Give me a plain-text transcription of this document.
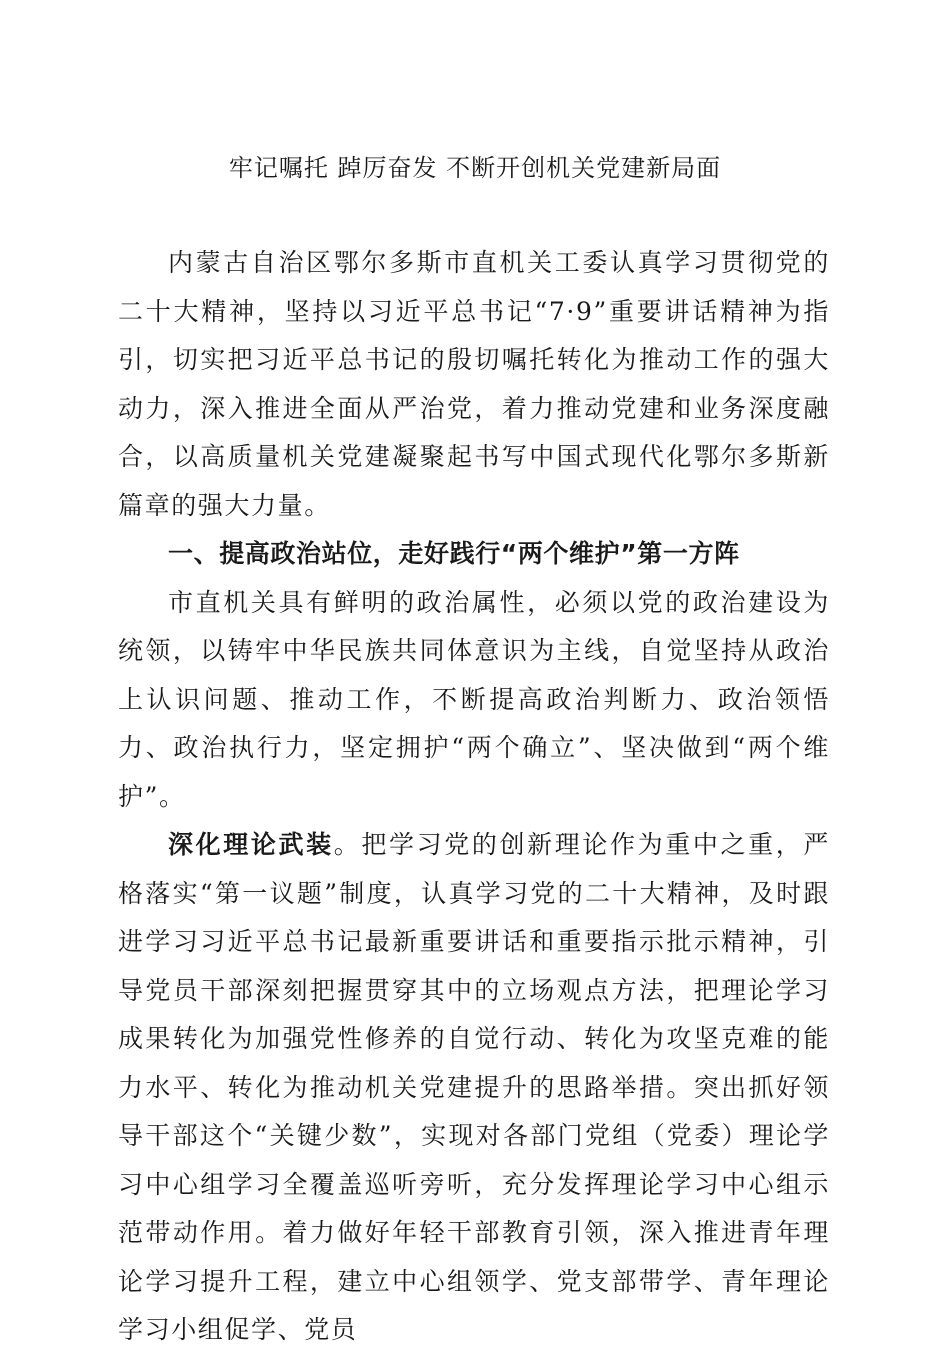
牢记嘱托 踔厉奋发 不断开创机关党建新局面

内蒙古自治区鄂尔多斯市直机关工委认真学习贯彻党的二十大精神，坚持以习近平总书记“7·9”重要讲话精神为指引，切实把习近平总书记的殷切嘱托转化为推动工作的强大动力，深入推进全面从严治党，着力推动党建和业务深度融合，以高质量机关党建凝聚起书写中国式现代化鄂尔多斯新篇章的强大力量。

一、提高政治站位，走好践行“两个维护”第一方阵

市直机关具有鲜明的政治属性，必须以党的政治建设为统领，以铸牢中华民族共同体意识为主线，自觉坚持从政治上认识问题、推动工作，不断提高政治判断力、政治领悟力、政治执行力，坚定拥护“两个确立”、坚决做到“两个维护”。

深化理论武装。把学习党的创新理论作为重中之重，严格落实“第一议题”制度，认真学习党的二十大精神，及时跟进学习习近平总书记最新重要讲话和重要指示批示精神，引导党员干部深刻把握贯穿其中的立场观点方法，把理论学习成果转化为加强党性修养的自觉行动、转化为攻坚克难的能力水平、转化为推动机关党建提升的思路举措。突出抓好领导干部这个“关键少数”，实现对各部门党组（党委）理论学习中心组学习全覆盖巡听旁听，充分发挥理论学习中心组示范带动作用。着力做好年轻干部教育引领，深入推进青年理论学习提升工程，建立中心组领学、党支部带学、青年理论学习小组促学、党员
